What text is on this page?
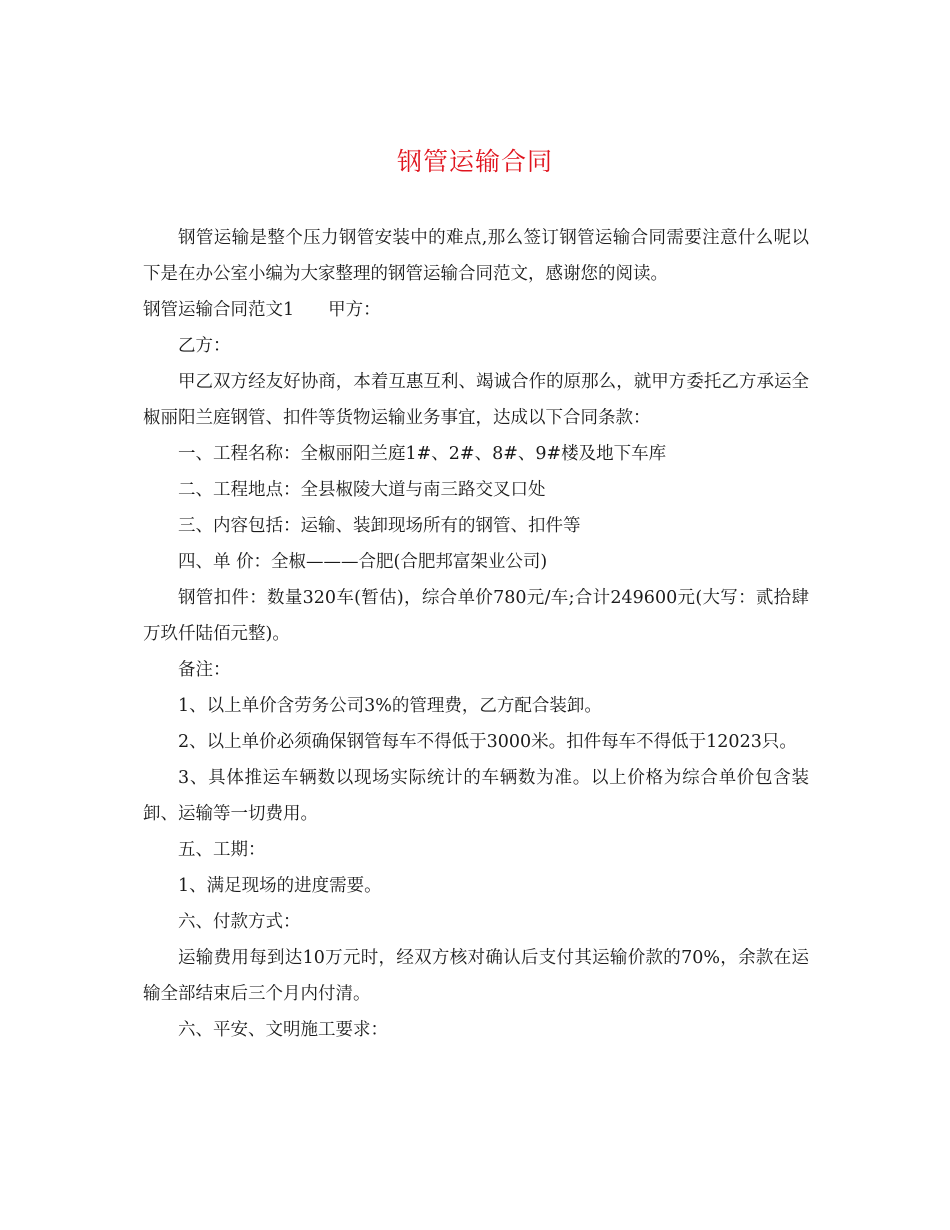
钢管运输合同

钢管运输是整个压力钢管安装中的难点,那么签订钢管运输合同需要注意什么呢以下是在办公室小编为大家整理的钢管运输合同范文，感谢您的阅读。

钢管运输合同范文1 甲方：

乙方：

甲乙双方经友好协商，本着互惠互利、竭诚合作的原那么，就甲方委托乙方承运全椒丽阳兰庭钢管、扣件等货物运输业务事宜，达成以下合同条款：

一、工程名称：全椒丽阳兰庭1#、2#、8#、9#楼及地下车库

二、工程地点：全县椒陵大道与南三路交叉口处

三、内容包括：运输、装卸现场所有的钢管、扣件等

四、单 价：全椒———合肥(合肥邦富架业公司)

钢管扣件：数量320车(暂估)，综合单价780元/车;合计249600元(大写：贰拾肆万玖仟陆佰元整)。

备注：

1、以上单价含劳务公司3%的管理费，乙方配合装卸。

2、以上单价必须确保钢管每车不得低于3000米。扣件每车不得低于12023只。

3、具体推运车辆数以现场实际统计的车辆数为准。以上价格为综合单价包含装卸、运输等一切费用。

五、工期：

1、满足现场的进度需要。

六、付款方式：

运输费用每到达10万元时，经双方核对确认后支付其运输价款的70%，余款在运输全部结束后三个月内付清。

六、平安、文明施工要求：
